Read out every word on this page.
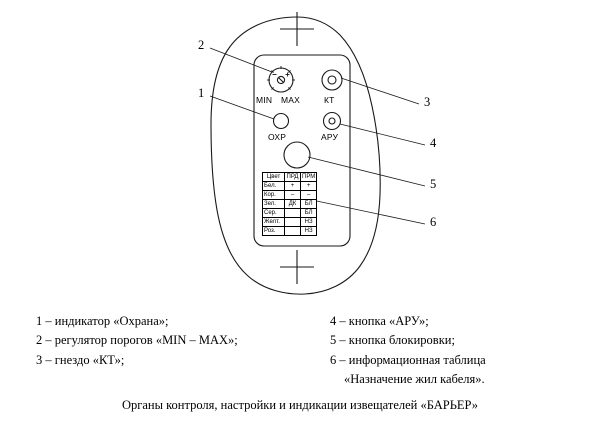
MIN MAX	КТ
ОХР	АРУ
2
1
3
4
5
6
Цвет	ПРД	ПРМ
Бел.	+	+
Кор.	–	–
Зел.	ДК	БЛ
Сер.		БЛ
Желт.		НЗ
Роз.		НЗ
1 – индикатор «Охрана»;
2 – регулятор порогов «MIN – MAX»;
3 – гнездо «КТ»;
4 – кнопка «АРУ»;
5 – кнопка блокировки;
6 – информационная таблица
«Назначение жил кабеля».
Органы контроля, настройки и индикации извещателей «БАРЬЕР»
